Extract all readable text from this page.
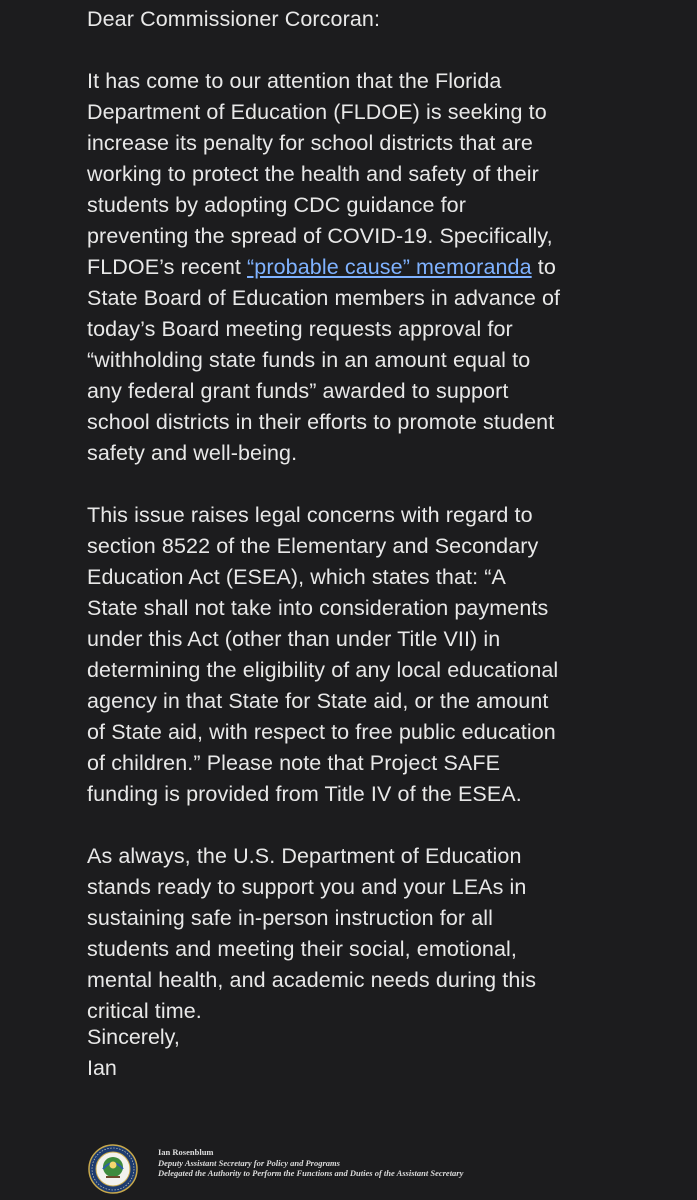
Dear Commissioner Corcoran:
It has come to our attention that the Florida
Department of Education (FLDOE) is seeking to
increase its penalty for school districts that are
working to protect the health and safety of their
students by adopting CDC guidance for
preventing the spread of COVID-19. Specifically,
FLDOE’s recent “probable cause” memoranda to
State Board of Education members in advance of
today’s Board meeting requests approval for
“withholding state funds in an amount equal to
any federal grant funds” awarded to support
school districts in their efforts to promote student
safety and well-being.
This issue raises legal concerns with regard to
section 8522 of the Elementary and Secondary
Education Act (ESEA), which states that: “A
State shall not take into consideration payments
under this Act (other than under Title VII) in
determining the eligibility of any local educational
agency in that State for State aid, or the amount
of State aid, with respect to free public education
of children.” Please note that Project SAFE
funding is provided from Title IV of the ESEA.
As always, the U.S. Department of Education
stands ready to support you and your LEAs in
sustaining safe in-person instruction for all
students and meeting their social, emotional,
mental health, and academic needs during this
critical time.
Sincerely,
Ian
Ian Rosenblum
Deputy Assistant Secretary for Policy and Programs
Delegated the Authority to Perform the Functions and Duties of the Assistant Secretary
